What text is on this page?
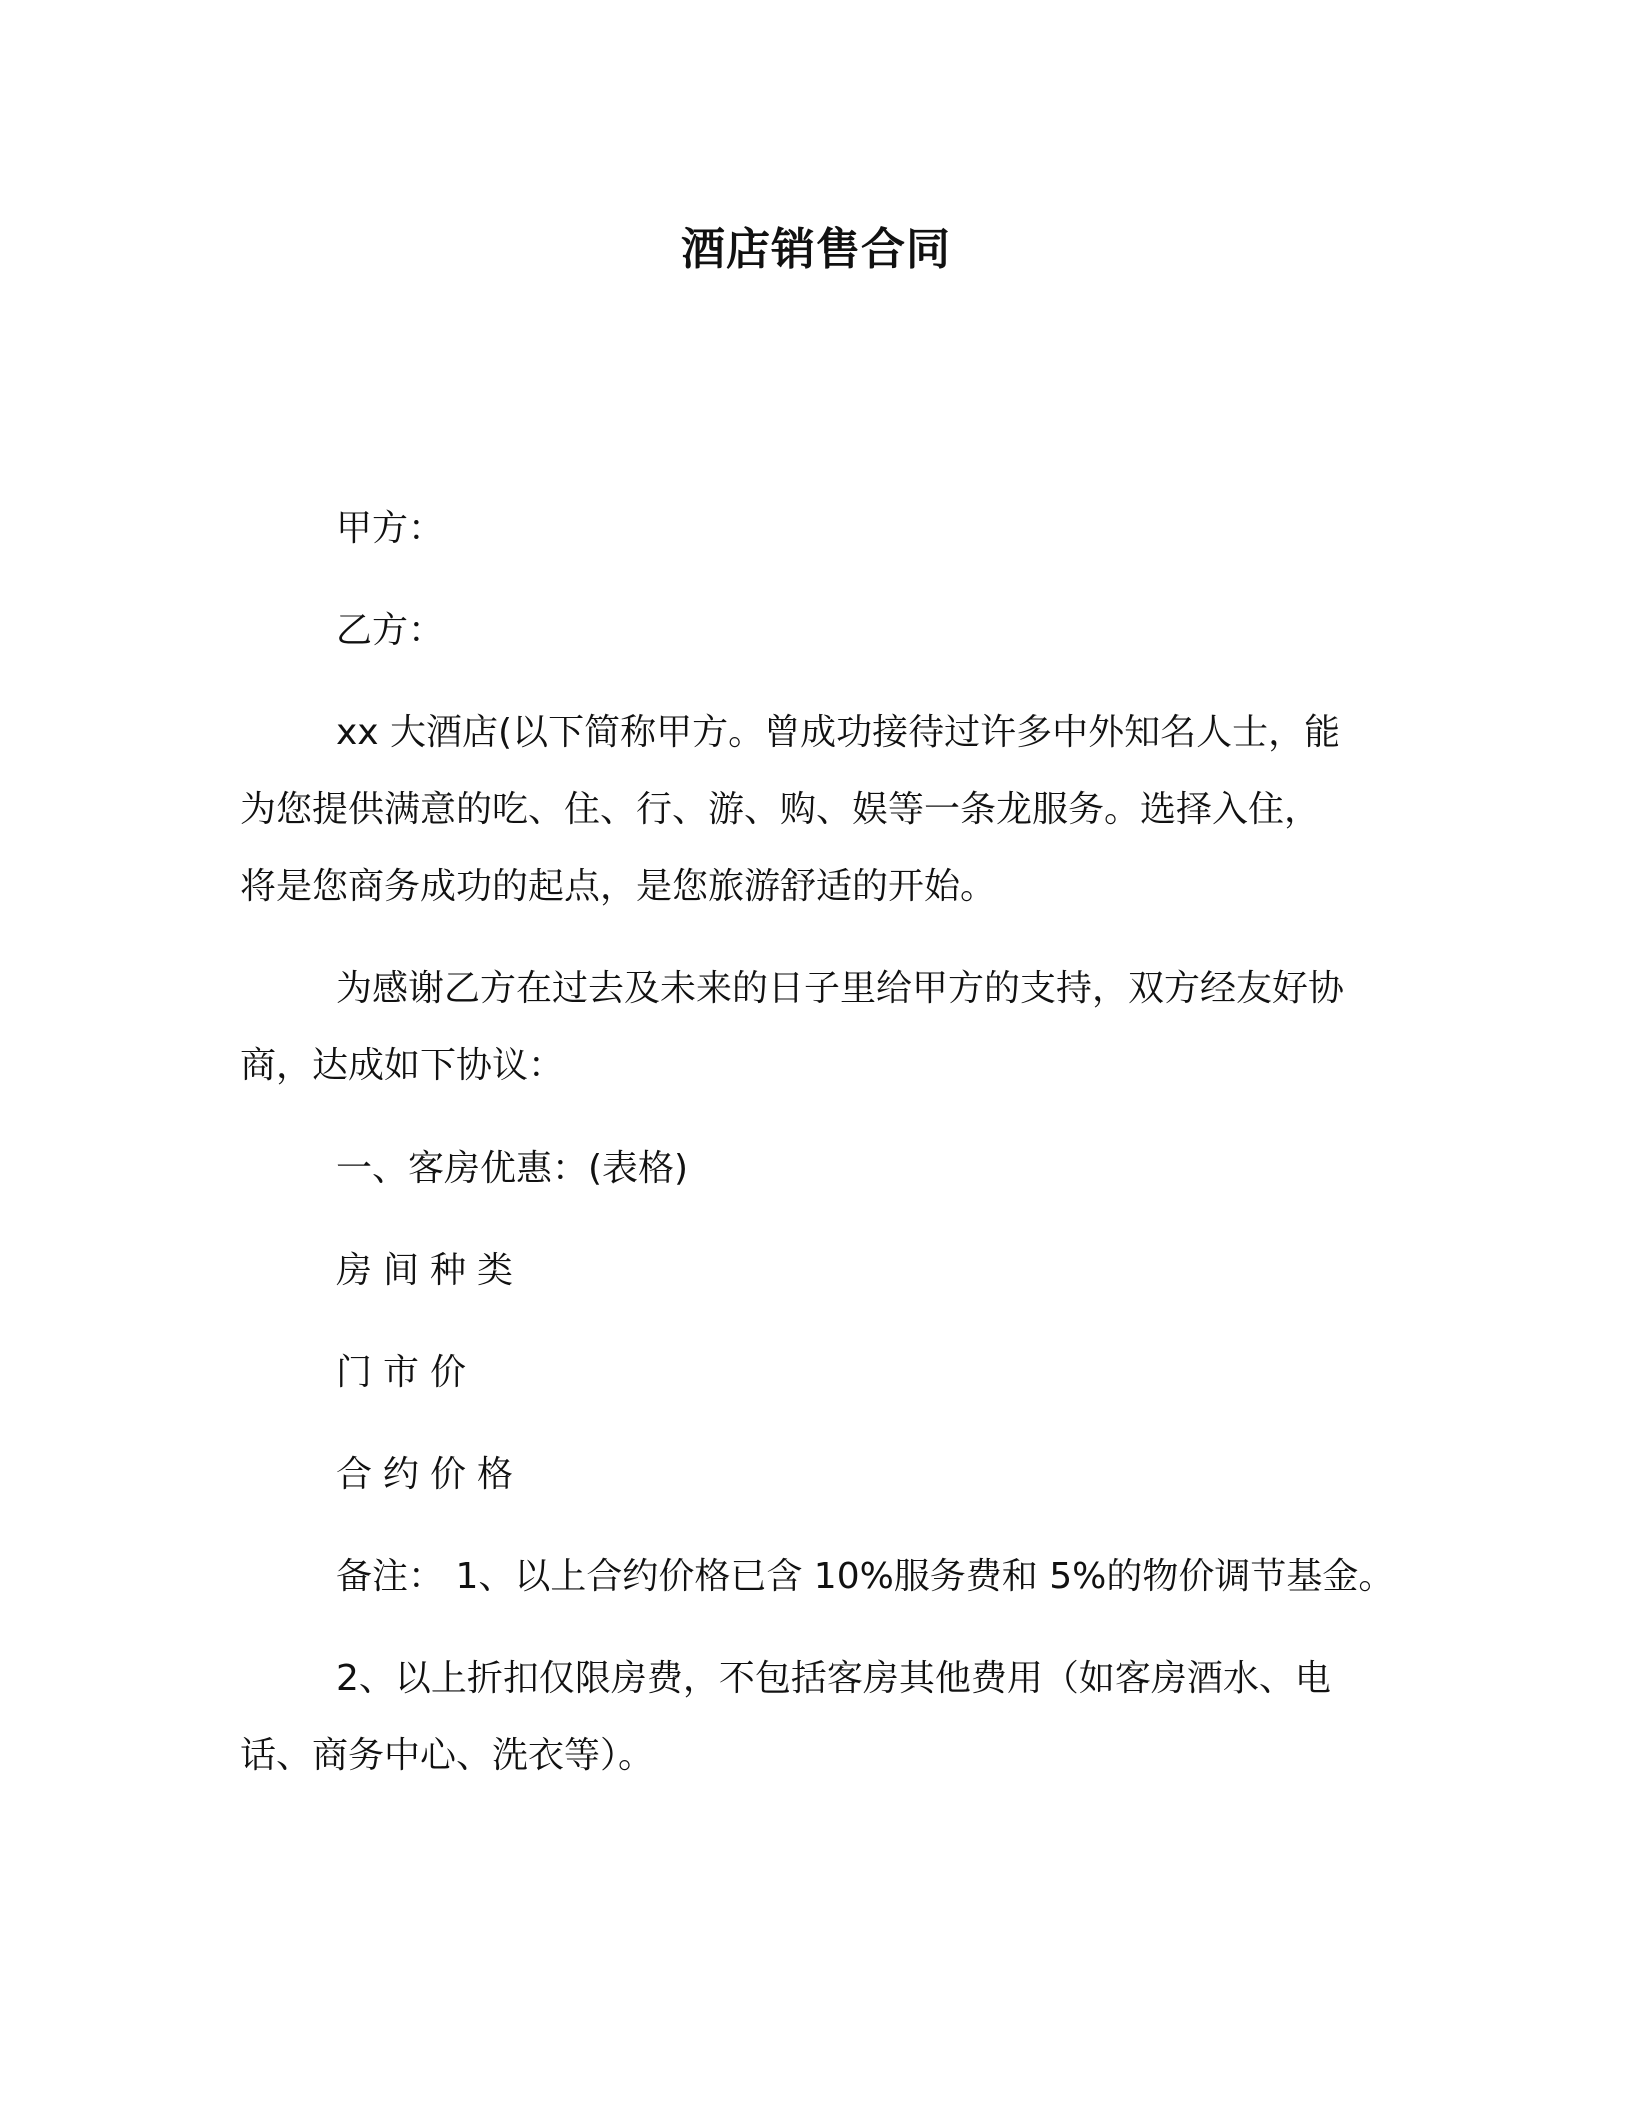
酒店销售合同
甲方：
乙方：
xx 大酒店(以下简称甲方。曾成功接待过许多中外知名人士，能
为您提供满意的吃、住、行、游、购、娱等一条龙服务。选择入住，
将是您商务成功的起点，是您旅游舒适的开始。
为感谢乙方在过去及未来的日子里给甲方的支持，双方经友好协
商，达成如下协议：
一、客房优惠：(表格)
房间种类
门市价
合约价格
备注： 1、以上合约价格已含 10%服务费和 5%的物价调节基金。
2、以上折扣仅限房费，不包括客房其他费用（如客房酒水、电
话、商务中心、洗衣等）。
